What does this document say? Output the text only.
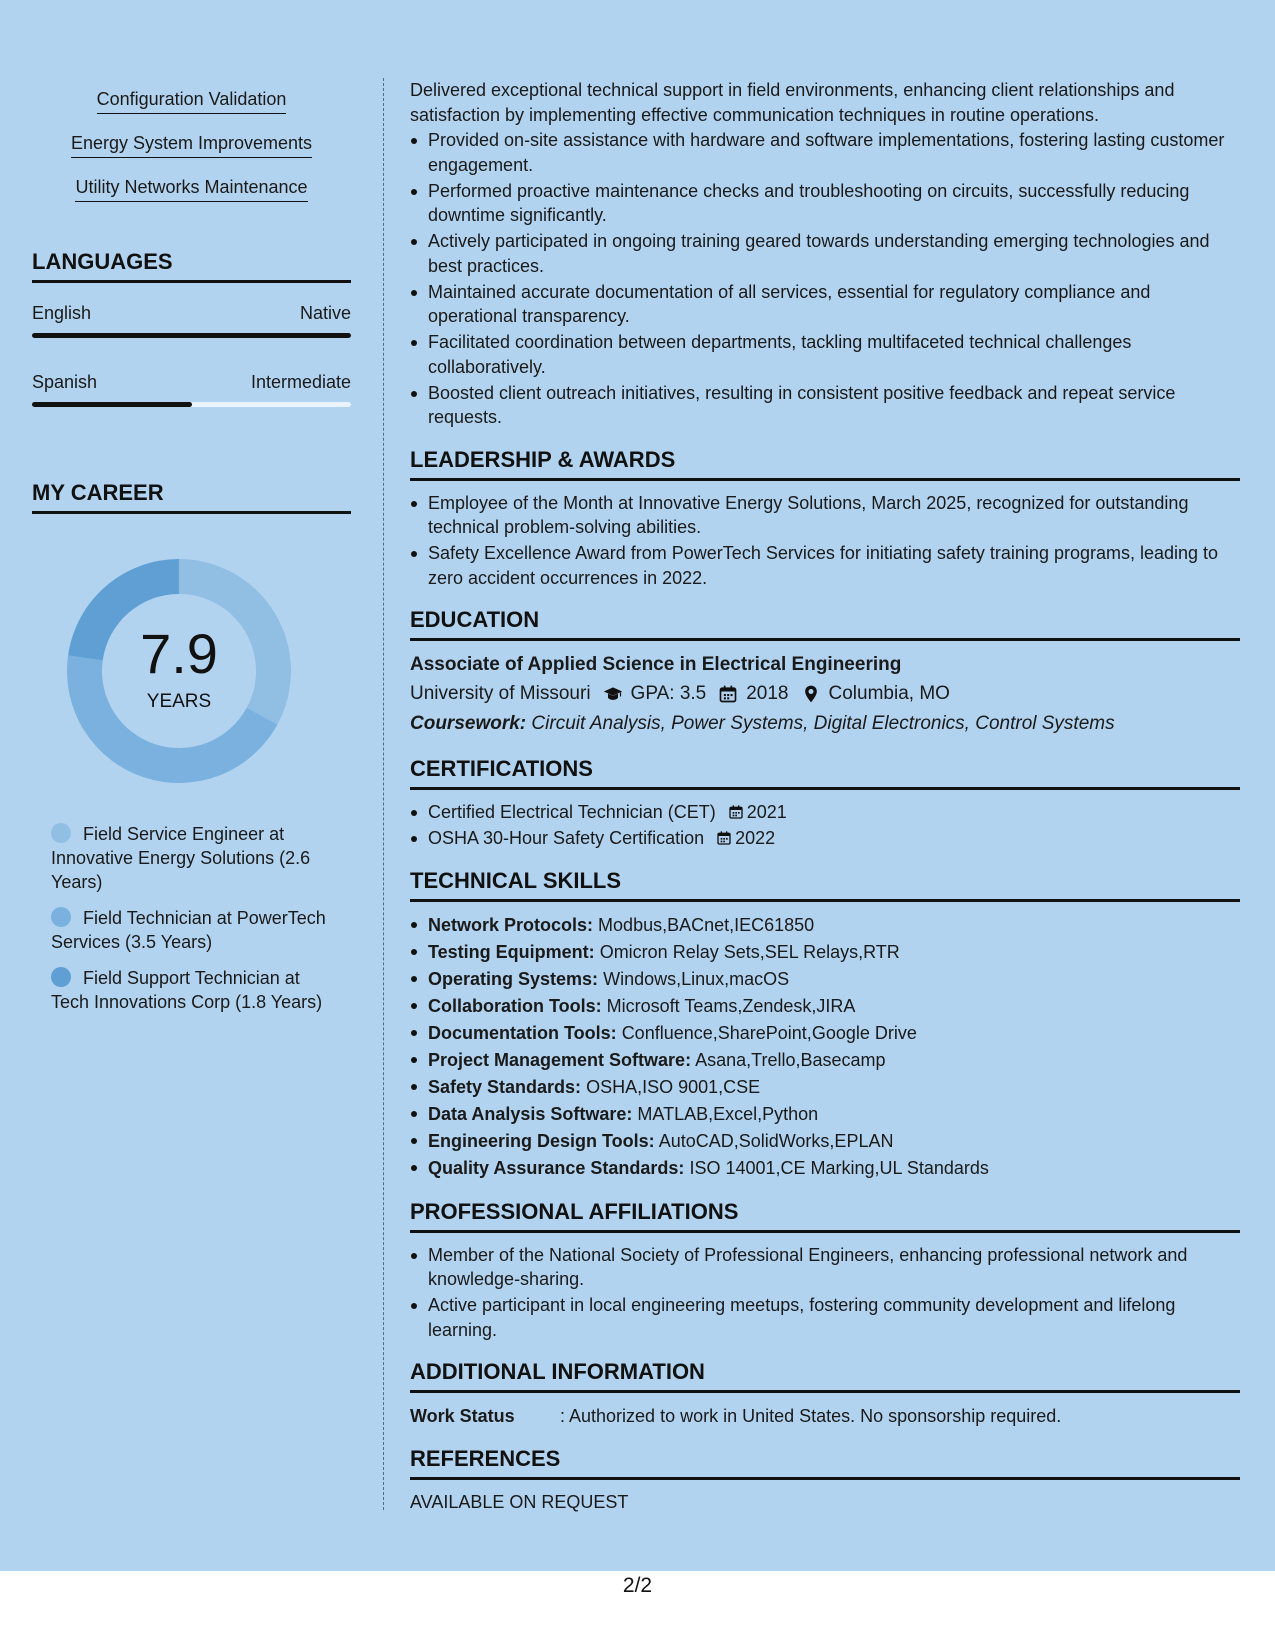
Configuration Validation
Energy System Improvements
Utility Networks Maintenance
LANGUAGES
English	Native
Spanish	Intermediate
MY CAREER
7.9
YEARS
Field Service Engineer at Innovative Energy Solutions (2.6 Years)
Field Technician at PowerTech Services (3.5 Years)
Field Support Technician at Tech Innovations Corp (1.8 Years)

Delivered exceptional technical support in field environments, enhancing client relationships and satisfaction by implementing effective communication techniques in routine operations.

Provided on-site assistance with hardware and software implementations, fostering lasting customer engagement.
Performed proactive maintenance checks and troubleshooting on circuits, successfully reducing downtime significantly.
Actively participated in ongoing training geared towards understanding emerging technologies and best practices.
Maintained accurate documentation of all services, essential for regulatory compliance and operational transparency.
Facilitated coordination between departments, tackling multifaceted technical challenges collaboratively.
Boosted client outreach initiatives, resulting in consistent positive feedback and repeat service requests.
LEADERSHIP & AWARDS
Employee of the Month at Innovative Energy Solutions, March 2025, recognized for outstanding technical problem-solving abilities.
Safety Excellence Award from PowerTech Services for initiating safety training programs, leading to zero accident occurrences in 2022.
EDUCATION
Associate of Applied Science in Electrical Engineering
University of Missouri GPA: 3.5 2018 Columbia, MO
Coursework: Circuit Analysis, Power Systems, Digital Electronics, Control Systems
CERTIFICATIONS
Certified Electrical Technician (CET) 2021
OSHA 30-Hour Safety Certification 2022
TECHNICAL SKILLS
Network Protocols: Modbus,BACnet,IEC61850
Testing Equipment: Omicron Relay Sets,SEL Relays,RTR
Operating Systems: Windows,Linux,macOS
Collaboration Tools: Microsoft Teams,Zendesk,JIRA
Documentation Tools: Confluence,SharePoint,Google Drive
Project Management Software: Asana,Trello,Basecamp
Safety Standards: OSHA,ISO 9001,CSE
Data Analysis Software: MATLAB,Excel,Python
Engineering Design Tools: AutoCAD,SolidWorks,EPLAN
Quality Assurance Standards: ISO 14001,CE Marking,UL Standards
PROFESSIONAL AFFILIATIONS
Member of the National Society of Professional Engineers, enhancing professional network and knowledge-sharing.
Active participant in local engineering meetups, fostering community development and lifelong learning.
ADDITIONAL INFORMATION
Work Status	: Authorized to work in United States. No sponsorship required.
REFERENCES
AVAILABLE ON REQUEST
2/2
